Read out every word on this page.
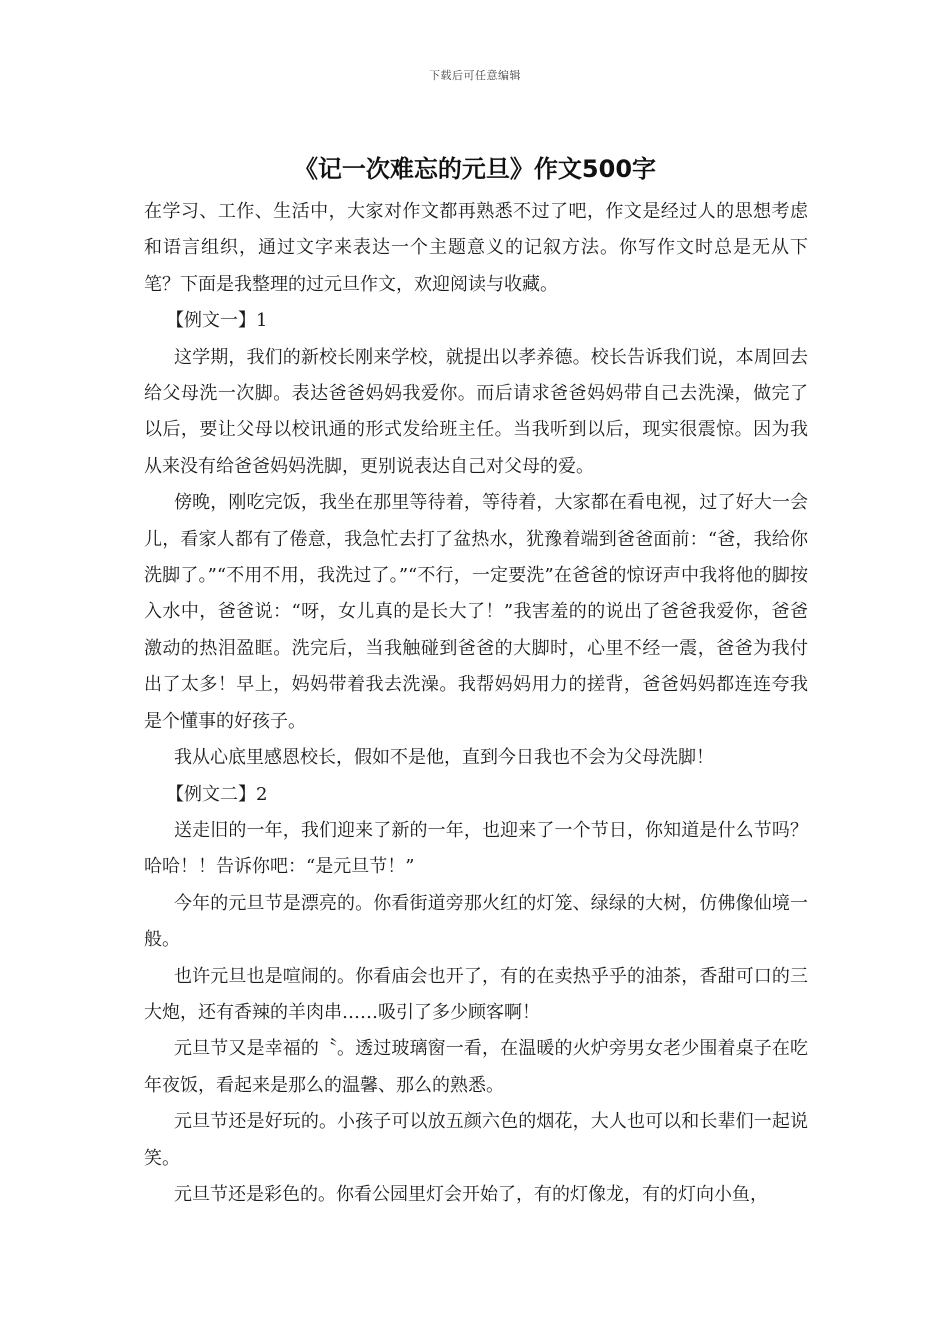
下载后可任意编辑
《记一次难忘的元旦》作文500字

在学习、工作、生活中，大家对作文都再熟悉不过了吧，作文是经过人的思想考虑和语言组织，通过文字来表达一个主题意义的记叙方法。你写作文时总是无从下笔？下面是我整理的过元旦作文，欢迎阅读与收藏。

【例文一】1

这学期，我们的新校长刚来学校，就提出以孝养德。校长告诉我们说，本周回去给父母洗一次脚。表达爸爸妈妈我爱你。而后请求爸爸妈妈带自己去洗澡，做完了以后，要让父母以校讯通的形式发给班主任。当我听到以后，现实很震惊。因为我从来没有给爸爸妈妈洗脚，更别说表达自己对父母的爱。

傍晚，刚吃完饭，我坐在那里等待着，等待着，大家都在看电视，过了好大一会儿，看家人都有了倦意，我急忙去打了盆热水，犹豫着端到爸爸面前：“爸，我给你洗脚了。”“不用不用，我洗过了。”“不行，一定要洗”在爸爸的惊讶声中我将他的脚按入水中，爸爸说：“呀，女儿真的是长大了！”我害羞的的说出了爸爸我爱你，爸爸激动的热泪盈眶。洗完后，当我触碰到爸爸的大脚时，心里不经一震，爸爸为我付出了太多！早上，妈妈带着我去洗澡。我帮妈妈用力的搓背，爸爸妈妈都连连夸我是个懂事的好孩子。

我从心底里感恩校长，假如不是他，直到今日我也不会为父母洗脚！

【例文二】2

送走旧的一年，我们迎来了新的一年，也迎来了一个节日，你知道是什么节吗？哈哈！！告诉你吧：“是元旦节！”

今年的元旦节是漂亮的。你看街道旁那火红的灯笼、绿绿的大树，仿佛像仙境一般。

也许元旦也是喧闹的。你看庙会也开了，有的在卖热乎乎的油茶，香甜可口的三大炮，还有香辣的羊肉串……吸引了多少顾客啊！

元旦节又是幸福的〝。透过玻璃窗一看，在温暖的火炉旁男女老少围着桌子在吃年夜饭，看起来是那么的温馨、那么的熟悉。

元旦节还是好玩的。小孩子可以放五颜六色的烟花，大人也可以和长辈们一起说笑。

元旦节还是彩色的。你看公园里灯会开始了，有的灯像龙，有的灯向小鱼，
